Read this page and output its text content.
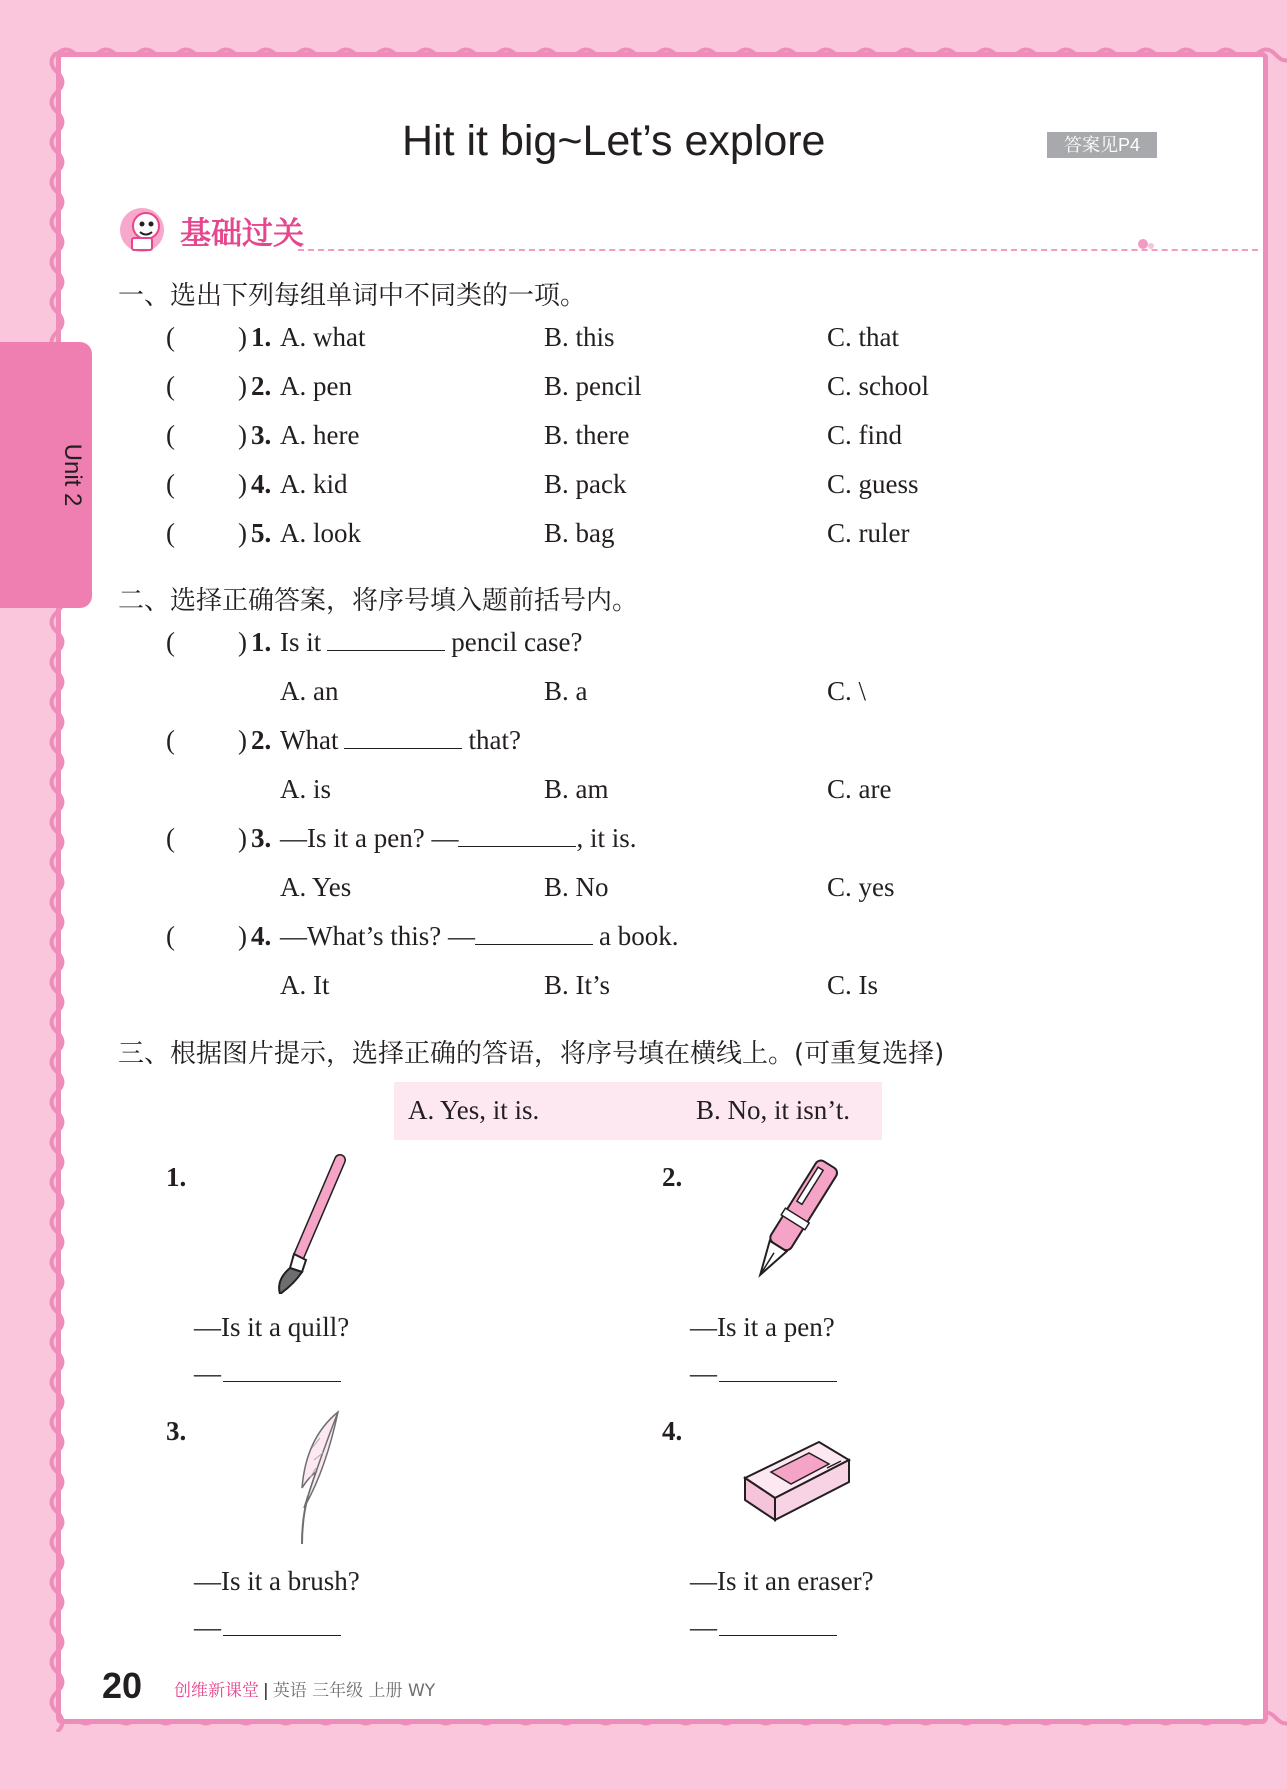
Unit 2
Hit it big~Let’s explore	答案见P4
基础过关
一、选出下列每组单词中不同类的一项。
( ) 1. A. what	B. this	C. that
( ) 2. A. pen	B. pencil	C. school
( ) 3. A. here	B. there	C. find
( ) 4. A. kid	B. pack	C. guess
( ) 5. A. look	B. bag	C. ruler
二、选择正确答案，将序号填入题前括号内。
( ) 1. Is it	pencil case?
A. an	B. a	C. \
( ) 2. What	that?
A. is	B. am	C. are
( ) 3. —Is it a pen? —	, it is.
A. Yes	B. No	C. yes
( ) 4. —What’s this? —	a book.
A. It	B. It’s	C. Is
三、根据图片提示，选择正确的答语，将序号填在横线上。(可重复选择)
A. Yes, it is.	B. No, it isn’t.
1.
—Is it a quill?
—
2.
—Is it a pen?
—
3.
—Is it a brush?
—
4.
—Is it an eraser?
—
20 创维新课堂 | 英语 三年级 上册 WY
